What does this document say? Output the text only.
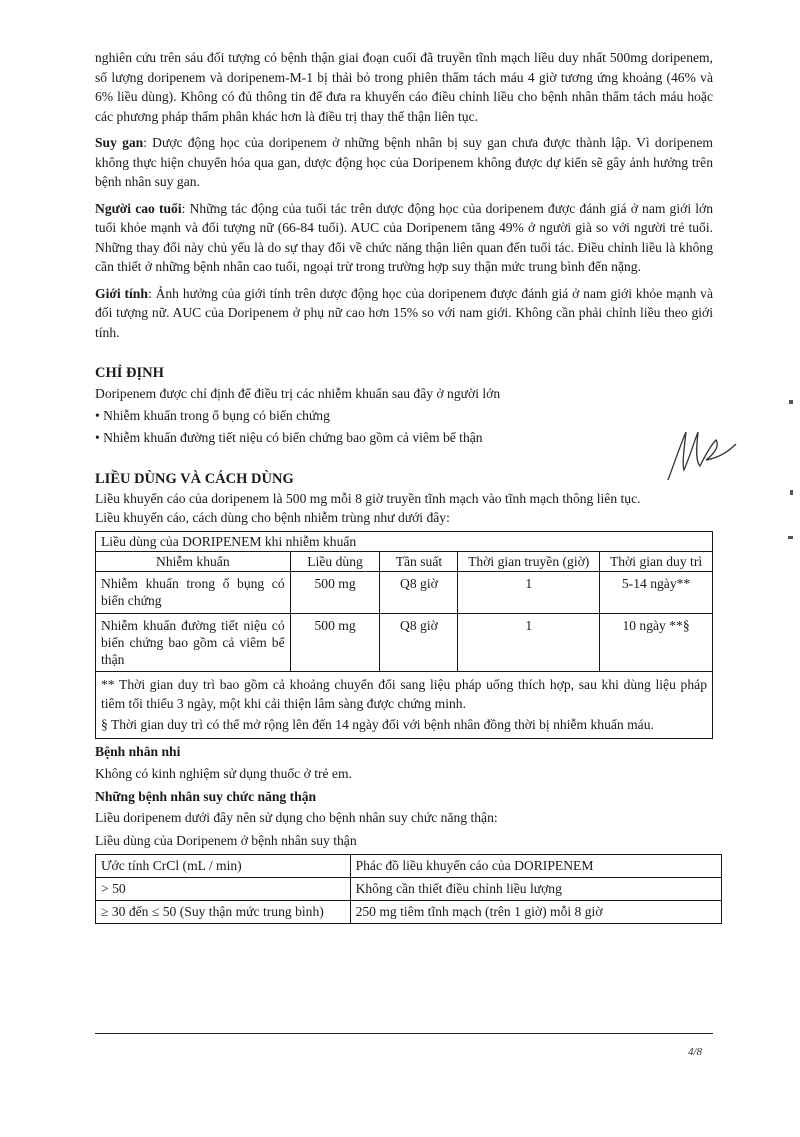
nghiên cứu trên sáu đối tượng có bệnh thận giai đoạn cuối đã truyền tĩnh mạch liều duy nhất 500mg doripenem, số lượng doripenem và doripenem-M-1 bị thải bỏ trong phiên thẩm tách máu 4 giờ tương ứng khoảng (46% và 6% liều dùng). Không có đủ thông tin để đưa ra khuyến cáo điều chỉnh liều cho bệnh nhân thẩm tách máu hoặc các phương pháp thẩm phân khác hơn là điều trị thay thế thận liên tục.

Suy gan: Dược động học của doripenem ở những bệnh nhân bị suy gan chưa được thành lập. Vì doripenem không thực hiện chuyển hóa qua gan, dược động học của Doripenem không được dự kiến sẽ gây ảnh hưởng trên bệnh nhân suy gan.

Người cao tuổi: Những tác động của tuổi tác trên dược động học của doripenem được đánh giá ở nam giới lớn tuổi khỏe mạnh và đối tượng nữ (66-84 tuổi). AUC của Doripenem tăng 49% ở người già so với người trẻ tuổi. Những thay đổi này chủ yếu là do sự thay đổi về chức năng thận liên quan đến tuổi tác. Điều chỉnh liều là không cần thiết ở những bệnh nhân cao tuổi, ngoại trừ trong trường hợp suy thận mức trung bình đến nặng.

Giới tính: Ảnh hưởng của giới tính trên dược động học của doripenem được đánh giá ở nam giới khỏe mạnh và đối tượng nữ. AUC của Doripenem ở phụ nữ cao hơn 15% so với nam giới. Không cần phải chỉnh liều theo giới tính.

CHỈ ĐỊNH

Doripenem được chỉ định để điều trị các nhiễm khuẩn sau đây ở người lớn

• Nhiễm khuẩn trong ổ bụng có biến chứng

• Nhiễm khuẩn đường tiết niệu có biến chứng bao gồm cả viêm bể thận

LIỀU DÙNG VÀ CÁCH DÙNG

Liều khuyến cáo của doripenem là 500 mg mỗi 8 giờ truyền tĩnh mạch vào tĩnh mạch thông liên tục.

Liều khuyến cáo, cách dùng cho bệnh nhiễm trùng như dưới đây:

Liều dùng của DORIPENEM khi nhiễm khuẩn				
Nhiễm khuẩn	Liều dùng	Tần suất	Thời gian truyền (giờ)	Thời gian duy trì
Nhiễm khuẩn trong ổ bụng có biến chứng	500 mg	Q8 giờ	1	5-14 ngày**
Nhiễm khuẩn đường tiết niệu có biến chứng bao gồm cả viêm bể thận	500 mg	Q8 giờ	1	10 ngày **§

** Thời gian duy trì bao gồm cả khoảng chuyển đổi sang liệu pháp uống thích hợp, sau khi dùng liệu pháp tiêm tối thiểu 3 ngày, một khi cải thiện lâm sàng được chứng minh.

§ Thời gian duy trì có thể mở rộng lên đến 14 ngày đối với bệnh nhân đồng thời bị nhiễm khuẩn máu.				

Bệnh nhân nhi

Không có kinh nghiệm sử dụng thuốc ở trẻ em.

Những bệnh nhân suy chức năng thận

Liều doripenem dưới đây nên sử dụng cho bệnh nhân suy chức năng thận:

Liều dùng của Doripenem ở bệnh nhân suy thận

Ước tính CrCl (mL / min)	Phác đồ liều khuyến cáo của DORIPENEM
> 50	Không cần thiết điều chỉnh liều lượng
≥ 30 đến ≤ 50 (Suy thận mức trung bình)	250 mg tiêm tĩnh mạch (trên 1 giờ) mỗi 8 giờ
4/8
